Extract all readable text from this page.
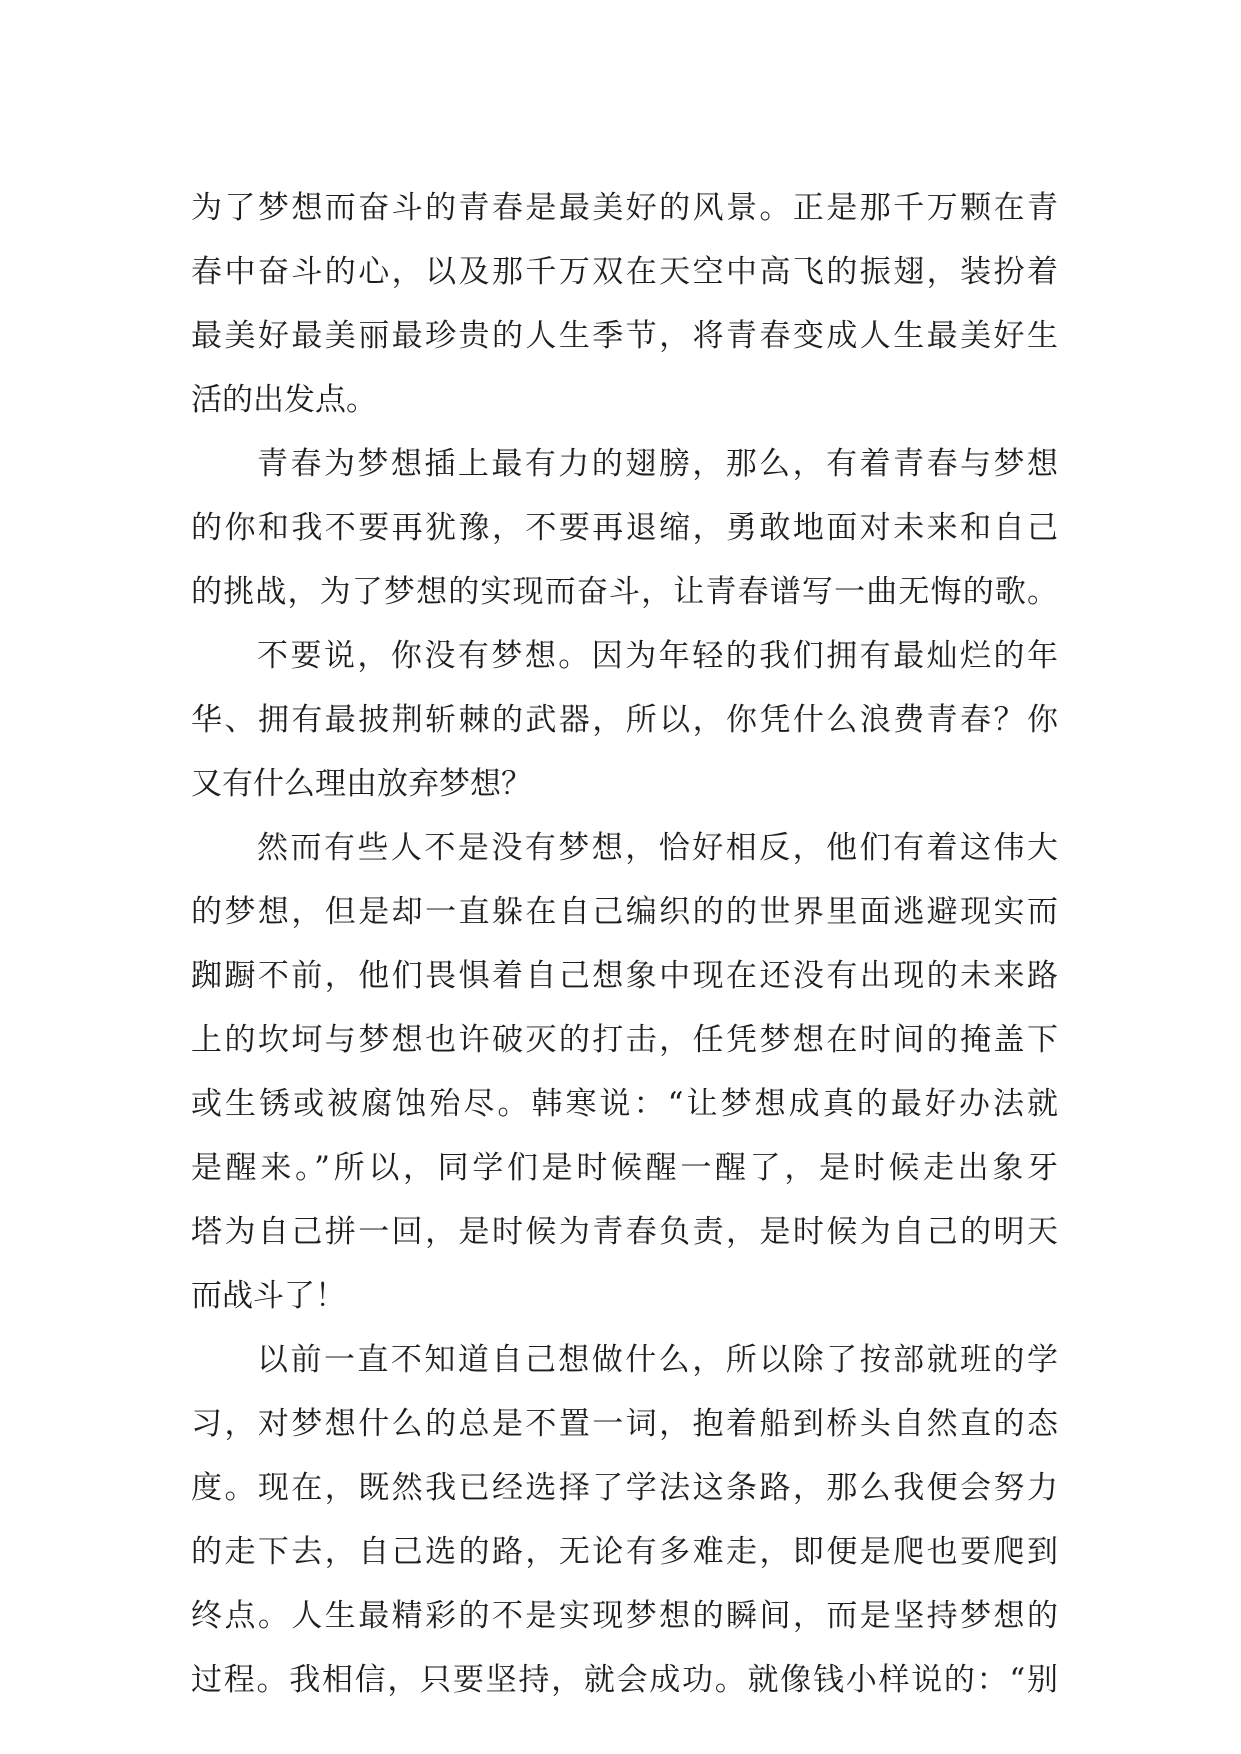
为了梦想而奋斗的青春是最美好的风景。正是那千万颗在青
春中奋斗的心，以及那千万双在天空中高飞的振翅，装扮着
最美好最美丽最珍贵的人生季节，将青春变成人生最美好生
活的出发点。
青春为梦想插上最有力的翅膀，那么，有着青春与梦想
的你和我不要再犹豫，不要再退缩，勇敢地面对未来和自己
的挑战，为了梦想的实现而奋斗，让青春谱写一曲无悔的歌。
不要说，你没有梦想。因为年轻的我们拥有最灿烂的年
华、拥有最披荆斩棘的武器，所以，你凭什么浪费青春？你
又有什么理由放弃梦想？
然而有些人不是没有梦想，恰好相反，他们有着这伟大
的梦想，但是却一直躲在自己编织的的世界里面逃避现实而
踟蹰不前，他们畏惧着自己想象中现在还没有出现的未来路
上的坎坷与梦想也许破灭的打击，任凭梦想在时间的掩盖下
或生锈或被腐蚀殆尽。韩寒说：“让梦想成真的最好办法就
是醒来。”所以，同学们是时候醒一醒了，是时候走出象牙
塔为自己拼一回，是时候为青春负责，是时候为自己的明天
而战斗了！
以前一直不知道自己想做什么，所以除了按部就班的学
习，对梦想什么的总是不置一词，抱着船到桥头自然直的态
度。现在，既然我已经选择了学法这条路，那么我便会努力
的走下去，自己选的路，无论有多难走，即便是爬也要爬到
终点。人生最精彩的不是实现梦想的瞬间，而是坚持梦想的
过程。我相信，只要坚持，就会成功。就像钱小样说的：“别
